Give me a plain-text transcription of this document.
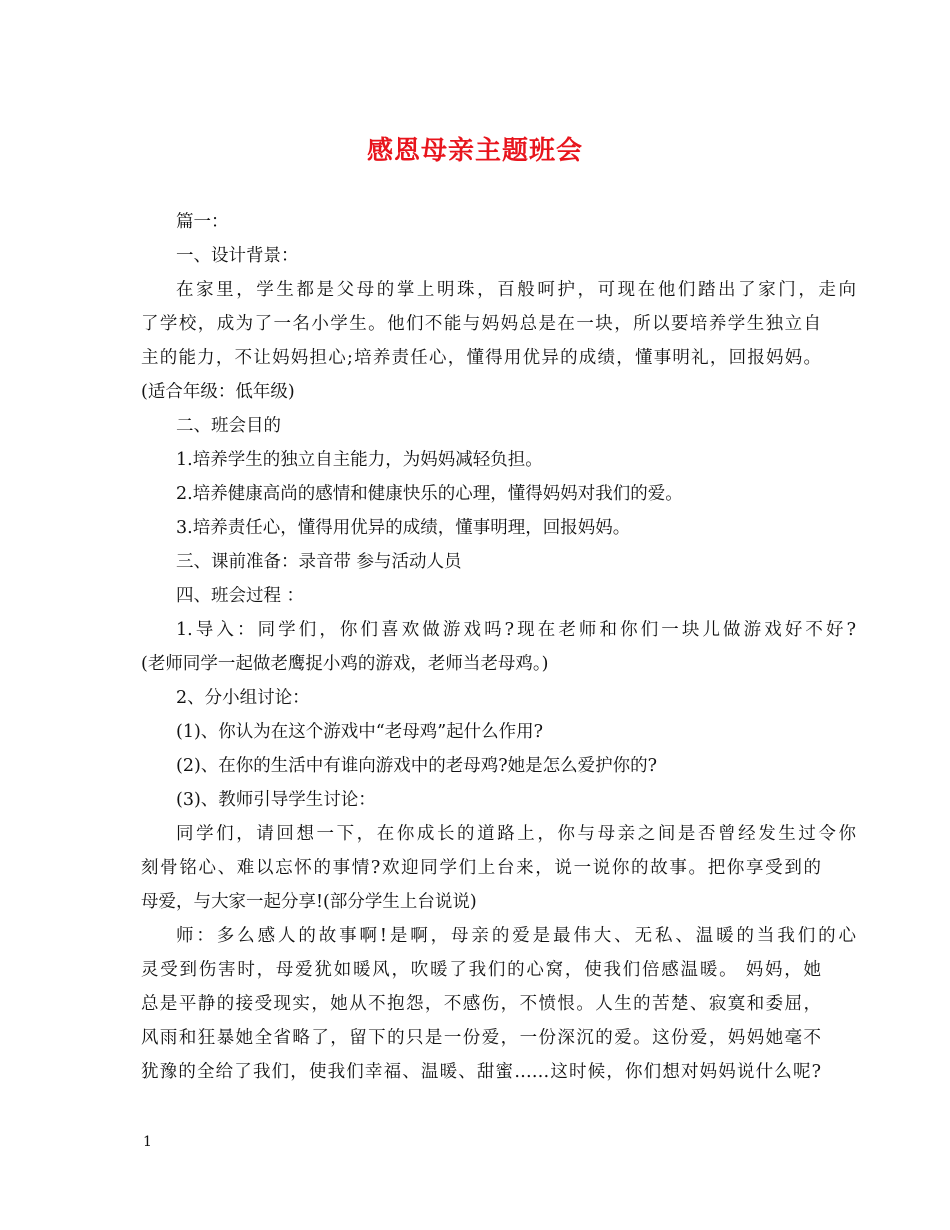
感恩母亲主题班会
篇一：
一、设计背景：
在家里，学生都是父母的掌上明珠，百般呵护，可现在他们踏出了家门，走向
了学校，成为了一名小学生。他们不能与妈妈总是在一块，所以要培养学生独立自
主的能力，不让妈妈担心;培养责任心，懂得用优异的成绩，懂事明礼，回报妈妈。
(适合年级：低年级)
二、班会目的
1.培养学生的独立自主能力，为妈妈减轻负担。
2.培养健康高尚的感情和健康快乐的心理，懂得妈妈对我们的爱。
3.培养责任心，懂得用优异的成绩，懂事明理，回报妈妈。
三、课前准备：录音带 参与活动人员
四、班会过程 ：
1.导入：同学们，你们喜欢做游戏吗?现在老师和你们一块儿做游戏好不好?
(老师同学一起做老鹰捉小鸡的游戏，老师当老母鸡。)
2、分小组讨论：
(1)、你认为在这个游戏中“老母鸡”起什么作用?
(2)、在你的生活中有谁向游戏中的老母鸡?她是怎么爱护你的?
(3)、教师引导学生讨论：
同学们，请回想一下，在你成长的道路上，你与母亲之间是否曾经发生过令你
刻骨铭心、难以忘怀的事情?欢迎同学们上台来，说一说你的故事。把你享受到的
母爱，与大家一起分享!(部分学生上台说说)
师：多么感人的故事啊!是啊，母亲的爱是最伟大、无私、温暖的当我们的心
灵受到伤害时，母爱犹如暖风，吹暖了我们的心窝，使我们倍感温暖。 妈妈，她
总是平静的接受现实，她从不抱怨，不感伤，不愤恨。人生的苦楚、寂寞和委屈，
风雨和狂暴她全省略了，留下的只是一份爱，一份深沉的爱。这份爱，妈妈她毫不
犹豫的全给了我们，使我们幸福、温暖、甜蜜……这时候，你们想对妈妈说什么呢?
1
